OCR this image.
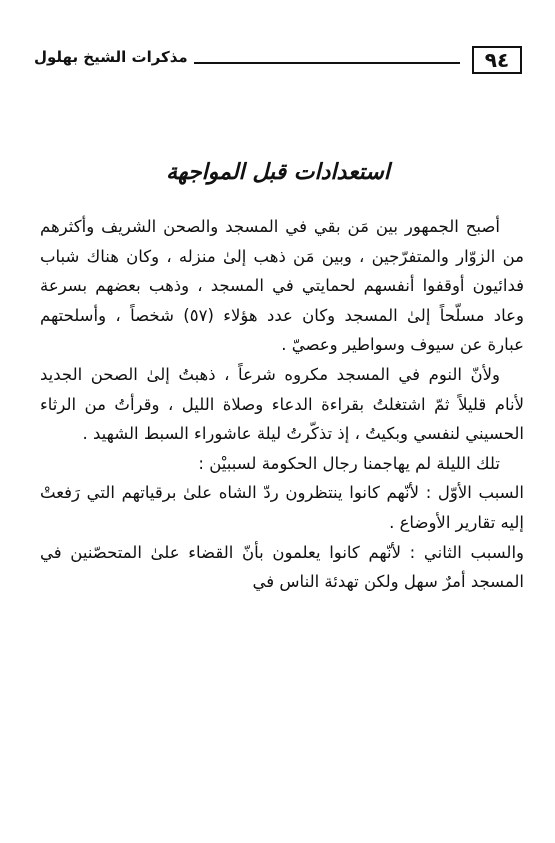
٩٤
مذكرات الشيخ بهلول
استعدادات قبل المواجهة

أصبح الجمهور بين مَن بقي في المسجد والصحن الشريف وأكثرهم من الزوّار والمتفرّجين ، وبين مَن ذهب إلىٰ منزله ، وكان هناك شباب فدائيون أوقفوا أنفسهم لحمايتي في المسجد ، وذهب بعضهم بسرعة وعاد مسلّحاً إلىٰ المسجد وكان عدد هؤلاء (٥٧) شخصاً ، وأسلحتهم عبارة عن سيوف وسواطير وعصيّ .

ولأنّ النوم في المسجد مكروه شرعاً ، ذهبتُ إلىٰ الصحن الجديد لأنام قليلاً ثمّ اشتغلتُ بقراءة الدعاء وصلاة الليل ، وقرأتُ من الرثاء الحسيني لنفسي وبكيتُ ، إذ تذكّرتُ ليلة عاشوراء السبط الشهيد .

تلك الليلة لم يهاجمنا رجال الحكومة لسببيْن :

السبب الأوّل : لأنّهم كانوا ينتظرون ردّ الشاه علىٰ برقياتهم التي رَفعتْ إليه تقارير الأوضاع .

والسبب الثاني : لأنّهم كانوا يعلمون بأنّ القضاء علىٰ المتحصّنين في المسجد أمرٌ سهل ولكن تهدئة الناس في
